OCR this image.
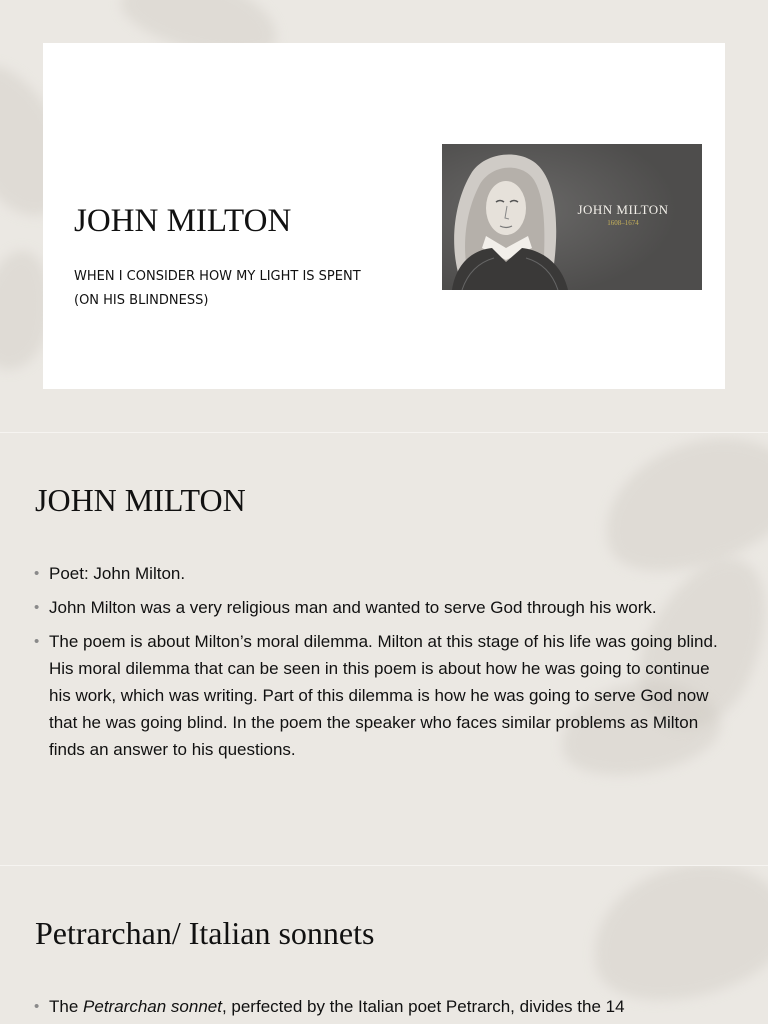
JOHN MILTON
WHEN I CONSIDER HOW MY LIGHT IS SPENT
(ON HIS BLINDNESS)
JOHN MILTON
1608–1674
JOHN MILTON
• Poet: John Milton.
• John Milton was a very religious man and wanted to serve God through his work.
• The poem is about Milton’s moral dilemma. Milton at this stage of his life was going blind. His moral dilemma that can be seen in this poem is about how he was going to continue his work, which was writing. Part of this dilemma is how he was going to serve God now that he was going blind. In the poem the speaker who faces similar problems as Milton finds an answer to his questions.
Petrarchan/ Italian sonnets
• The Petrarchan sonnet, perfected by the Italian poet Petrarch, divides the 14
